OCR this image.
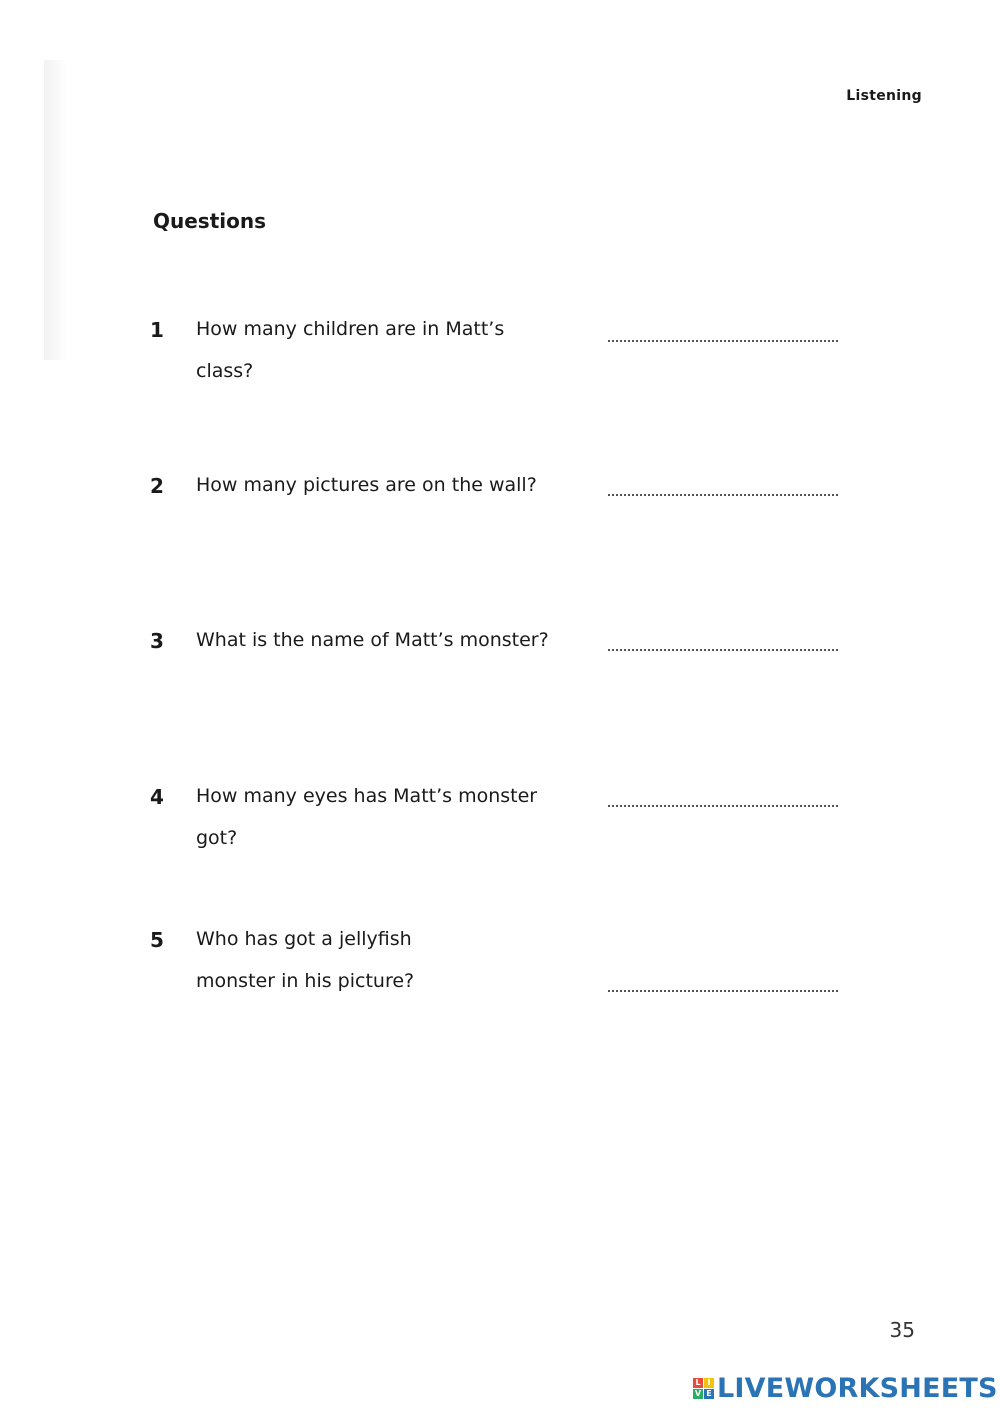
Listening
Questions
1 How many children are in Matt’s class?
2 How many pictures are on the wall?
3 What is the name of Matt’s monster?
4 How many eyes has Matt’s monster got?
5 Who has got a jellyfish monster in his picture?
35
L I
V E LIVEWORKSHEETS
